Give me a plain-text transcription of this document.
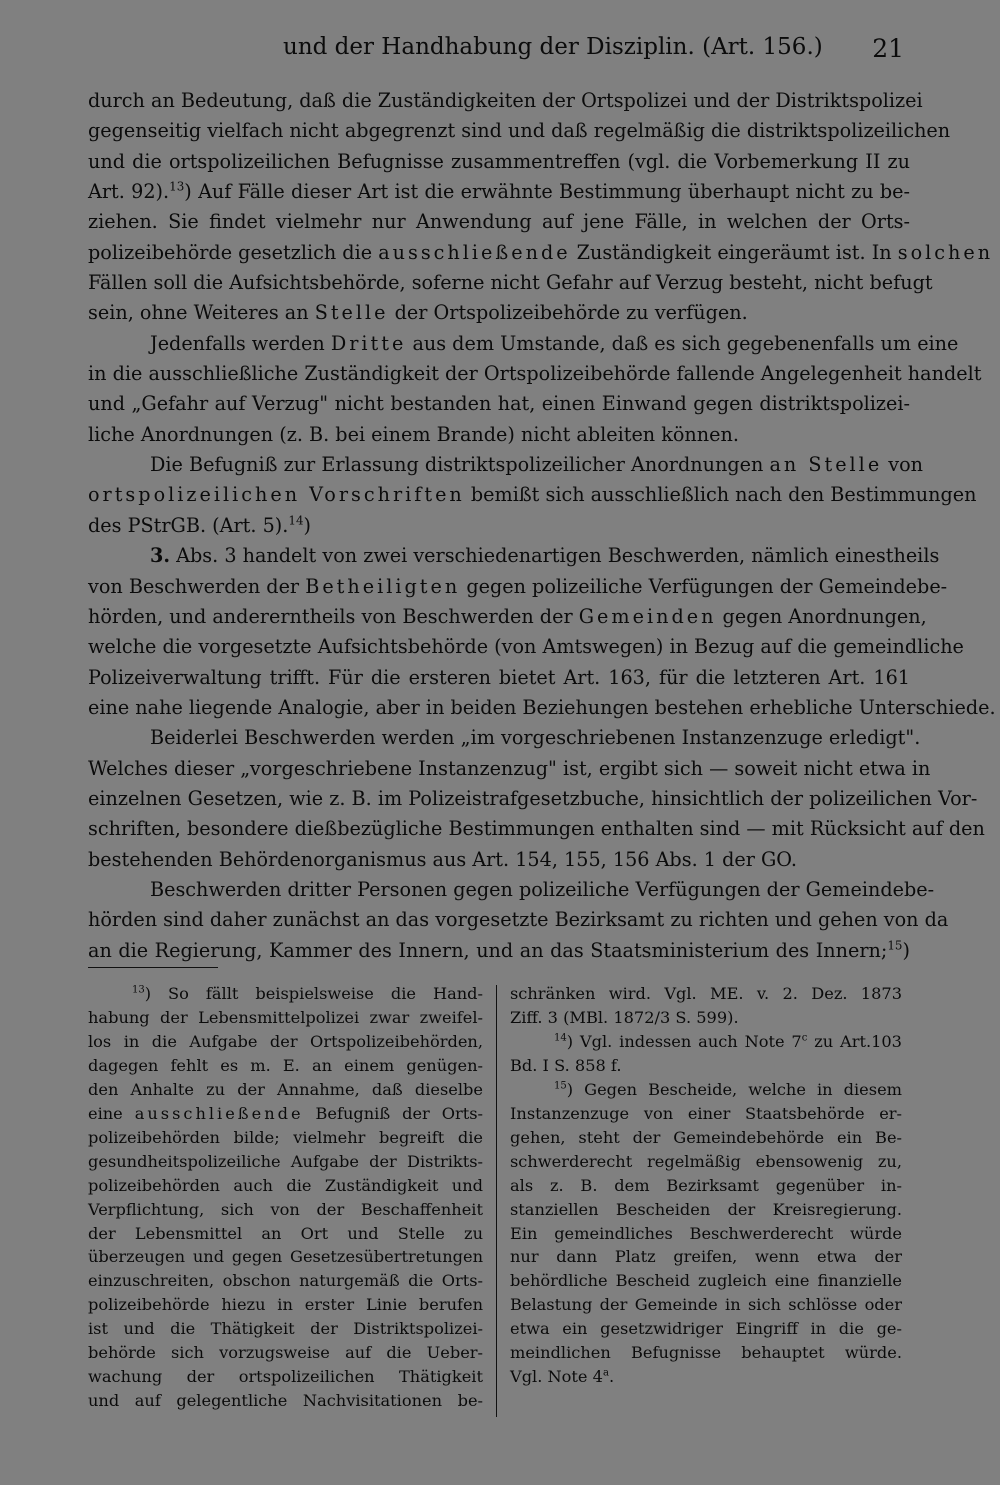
und der Handhabung der Disziplin. (Art. 156.) 21

durch an Bedeutung, daß die Zuständigkeiten der Ortspolizei und der Distriktspolizei
gegenseitig vielfach nicht abgegrenzt sind und daß regelmäßig die distriktspolizeilichen
und die ortspolizeilichen Befugnisse zusammentreffen (vgl. die Vorbemerkung II zu
Art. 92).$^{13}$) Auf Fälle dieser Art ist die erwähnte Bestimmung überhaupt nicht zu be-
ziehen. Sie findet vielmehr nur Anwendung auf jene Fälle, in welchen der Orts-
polizeibehörde gesetzlich die ausschließende Zuständigkeit eingeräumt ist. In solchen
Fällen soll die Aufsichtsbehörde, soferne nicht Gefahr auf Verzug besteht, nicht befugt
sein, ohne Weiteres an Stelle der Ortspolizeibehörde zu verfügen.

Jedenfalls werden Dritte aus dem Umstande, daß es sich gegebenenfalls um eine
in die ausschließliche Zuständigkeit der Ortspolizeibehörde fallende Angelegenheit handelt
und „Gefahr auf Verzug" nicht bestanden hat, einen Einwand gegen distriktspolizei-
liche Anordnungen (z. B. bei einem Brande) nicht ableiten können.

Die Befugniß zur Erlassung distriktspolizeilicher Anordnungen an Stelle von
ortspolizeilichen Vorschriften bemißt sich ausschließlich nach den Bestimmungen
des PStrGB. (Art. 5).$^{14}$)

3. Abs. 3 handelt von zwei verschiedenartigen Beschwerden, nämlich einestheils
von Beschwerden der Betheiligten gegen polizeiliche Verfügungen der Gemeindebe-
hörden, und andererntheils von Beschwerden der Gemeinden gegen Anordnungen,
welche die vorgesetzte Aufsichtsbehörde (von Amtswegen) in Bezug auf die gemeindliche
Polizeiverwaltung trifft. Für die ersteren bietet Art. 163, für die letzteren Art. 161
eine nahe liegende Analogie, aber in beiden Beziehungen bestehen erhebliche Unterschiede.

Beiderlei Beschwerden werden „im vorgeschriebenen Instanzenzuge erledigt".
Welches dieser „vorgeschriebene Instanzenzug" ist, ergibt sich — soweit nicht etwa in
einzelnen Gesetzen, wie z. B. im Polizeistrafgesetzbuche, hinsichtlich der polizeilichen Vor-
schriften, besondere dießbezügliche Bestimmungen enthalten sind — mit Rücksicht auf den
bestehenden Behördenorganismus aus Art. 154, 155, 156 Abs. 1 der GO.

Beschwerden dritter Personen gegen polizeiliche Verfügungen der Gemeindebe-
hörden sind daher zunächst an das vorgesetzte Bezirksamt zu richten und gehen von da
an die Regierung, Kammer des Innern, und an das Staatsministerium des Innern;$^{15}$)

$^{13}$) So fällt beispielsweise die Hand-
habung der Lebensmittelpolizei zwar zweifel-
los in die Aufgabe der Ortspolizeibehörden,
dagegen fehlt es m. E. an einem genügen-
den Anhalte zu der Annahme, daß dieselbe
eine ausschließende Befugniß der Orts-
polizeibehörden bilde; vielmehr begreift die
gesundheitspolizeiliche Aufgabe der Distrikts-
polizeibehörden auch die Zuständigkeit und
Verpflichtung, sich von der Beschaffenheit
der Lebensmittel an Ort und Stelle zu
überzeugen und gegen Gesetzesübertretungen
einzuschreiten, obschon naturgemäß die Orts-
polizeibehörde hiezu in erster Linie berufen
ist und die Thätigkeit der Distriktspolizei-
behörde sich vorzugsweise auf die Ueber-
wachung der ortspolizeilichen Thätigkeit
und auf gelegentliche Nachvisitationen be-
schränken wird. Vgl. ME. v. 2. Dez. 1873
Ziff. 3 (MBl. 1872/3 S. 599).
$^{14}$) Vgl. indessen auch Note 7$^c$ zu Art.103
Bd. I S. 858 f.
$^{15}$) Gegen Bescheide, welche in diesem
Instanzenzuge von einer Staatsbehörde er-
gehen, steht der Gemeindebehörde ein Be-
schwerderecht regelmäßig ebensowenig zu,
als z. B. dem Bezirksamt gegenüber in-
stanziellen Bescheiden der Kreisregierung.
Ein gemeindliches Beschwerderecht würde
nur dann Platz greifen, wenn etwa der
behördliche Bescheid zugleich eine finanzielle
Belastung der Gemeinde in sich schlösse oder
etwa ein gesetzwidriger Eingriff in die ge-
meindlichen Befugnisse behauptet würde.
Vgl. Note 4$^a$.
